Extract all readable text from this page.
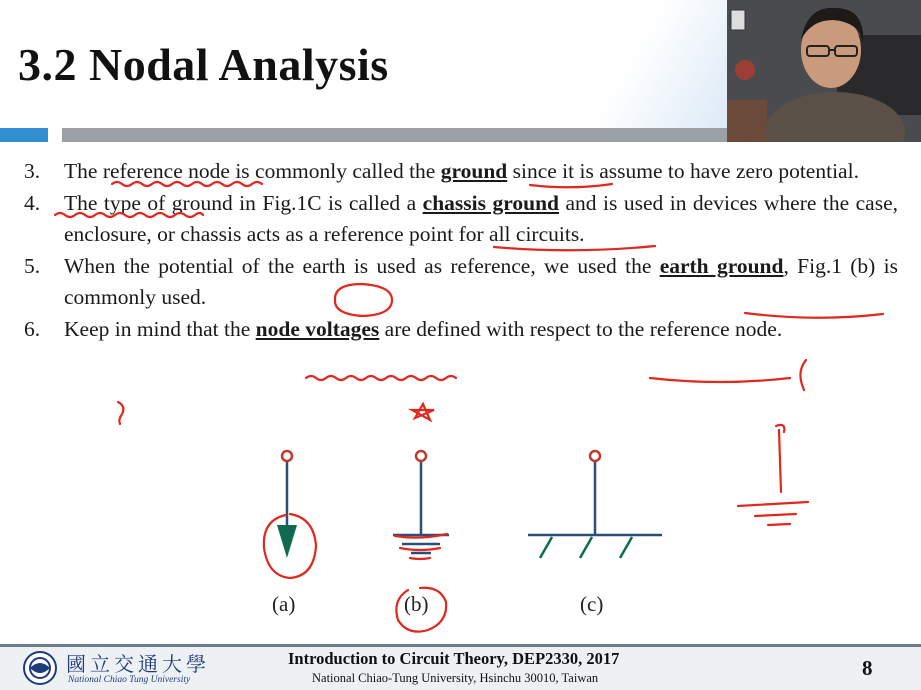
3.2 Nodal Analysis
3. The reference node is commonly called the ground since it is assume to have zero potential.
4. The type of ground in Fig.1C is called a chassis ground and is used in devices where the case, enclosure, or chassis acts as a reference point for all circuits.
5. When the potential of the earth is used as reference, we used the earth ground, Fig.1 (b) is commonly used.
6. Keep in mind that the node voltages are defined with respect to the reference node.
(a)	(b)	(c)
國立交通大學
National Chiao Tung University
Introduction to Circuit Theory, DEP2330, 2017
National Chiao-Tung University, Hsinchu 30010, Taiwan	8
